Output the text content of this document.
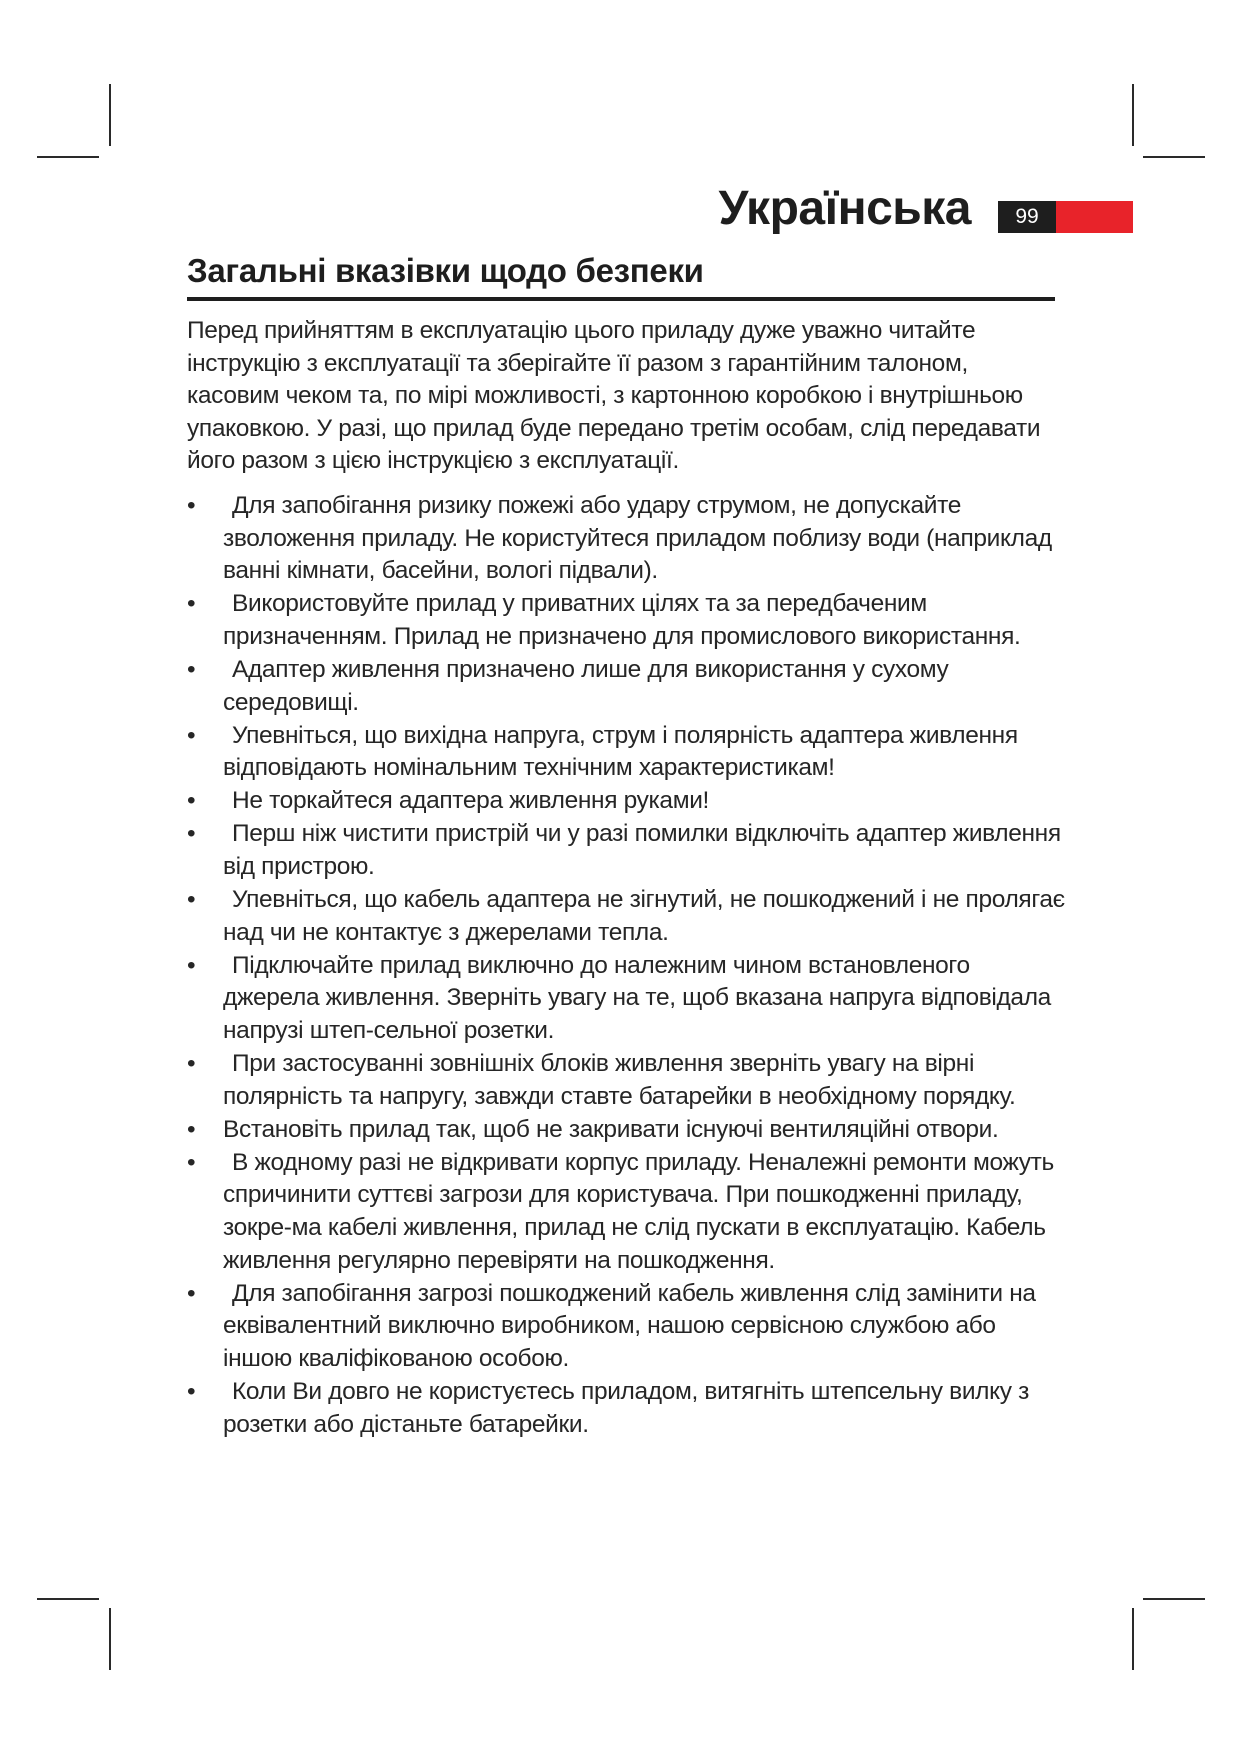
Українська	99
Загальні вказівки щодо безпеки

Перед прийняттям в експлуатацію цього приладу дуже уважно читайте інструкцію з експлуатації та зберігайте її разом з гарантійним талоном, касовим чеком та, по мірі можливості, з картонною коробкою і внутрішньою упаковкою. У разі, що прилад буде передано третім особам, слід передавати його разом з цією інструкцією з експлуатації.

•	Для запобігання ризику пожежі або удару струмом, не допускайте зволоження приладу. Не користуйтеся приладом поблизу води (наприклад ванні кімнати, басейни, вологі підвали).
•	Використовуйте прилад у приватних цілях та за передбаченим призначенням. Прилад не призначено для промислового використання.
•	Адаптер живлення призначено лише для використання у сухому середовищі.
•	Упевніться, що вихідна напруга, струм і полярність адаптера живлення відповідають номінальним технічним характеристикам!
•	Не торкайтеся адаптера живлення руками!
•	Перш ніж чистити пристрій чи у разі помилки відключіть адаптер живлення від пристрою.
•	Упевніться, що кабель адаптера не зігнутий, не пошкоджений і не пролягає над чи не контактує з джерелами тепла.
•	Підключайте прилад виключно до належним чином встановленого джерела живлення. Зверніть увагу на те, щоб вказана напруга відповідала напрузі штеп-сельної розетки.
•	При застосуванні зовнішніх блоків живлення зверніть увагу на вірні полярність та напругу, завжди ставте батарейки в необхідному порядку.
•	Встановіть прилад так, щоб не закривати існуючі вентиляційні отвори.
•	В жодному разі не відкривати корпус приладу. Неналежні ремонти можуть спричинити суттєві загрози для користувача. При пошкодженні приладу, зокре-ма кабелі живлення, прилад не слід пускати в експлуатацію. Кабель живлення регулярно перевіряти на пошкодження.
•	Для запобігання загрозі пошкоджений кабель живлення слід замінити на еквівалентний виключно виробником, нашою сервісною службою або іншою кваліфікованою особою.
•	Коли Ви довго не користуєтесь приладом, витягніть штепсельну вилку з розетки або дістаньте батарейки.
